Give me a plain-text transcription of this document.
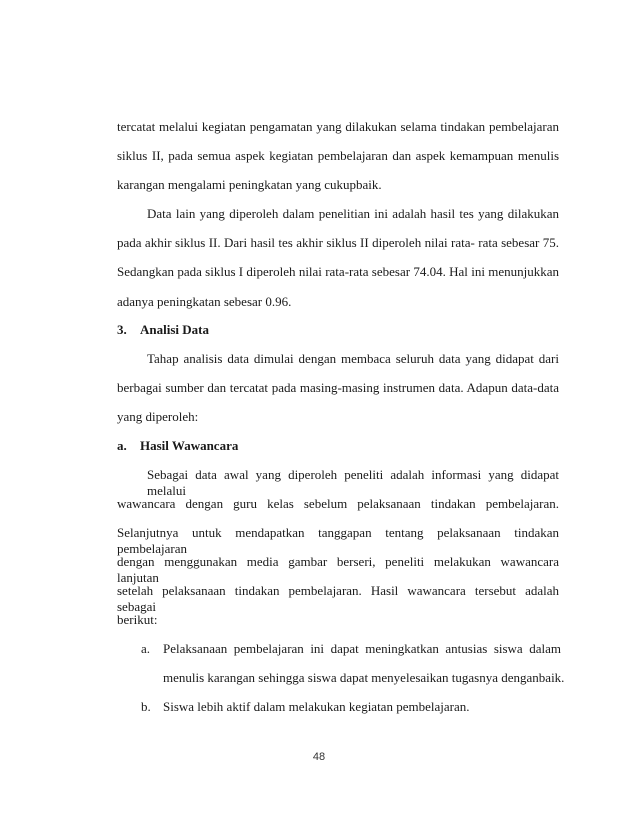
tercatat melalui kegiatan pengamatan yang dilakukan selama tindakan pembelajaran
siklus II, pada semua aspek kegiatan pembelajaran dan aspek kemampuan menulis
karangan mengalami peningkatan yang cukupbaik.
Data lain yang diperoleh dalam penelitian ini adalah hasil tes yang dilakukan
pada akhir siklus II. Dari hasil tes akhir siklus II diperoleh nilai rata- rata sebesar 75.
Sedangkan pada siklus I diperoleh nilai rata-rata sebesar 74.04. Hal ini menunjukkan
adanya peningkatan sebesar 0.96.
3. Analisi Data
Tahap analisis data dimulai dengan membaca seluruh data yang didapat dari
berbagai sumber dan tercatat pada masing-masing instrumen data. Adapun data-data
yang diperoleh:
a. Hasil Wawancara
Sebagai data awal yang diperoleh peneliti adalah informasi yang didapat melalui
wawancara dengan guru kelas sebelum pelaksanaan tindakan pembelajaran.
Selanjutnya untuk mendapatkan tanggapan tentang pelaksanaan tindakan pembelajaran
dengan menggunakan media gambar berseri, peneliti melakukan wawancara lanjutan
setelah pelaksanaan tindakan pembelajaran. Hasil wawancara tersebut adalah sebagai
berikut:
a. Pelaksanaan pembelajaran ini dapat meningkatkan antusias siswa dalam
menulis karangan sehingga siswa dapat menyelesaikan tugasnya denganbaik.
b. Siswa lebih aktif dalam melakukan kegiatan pembelajaran.
48
